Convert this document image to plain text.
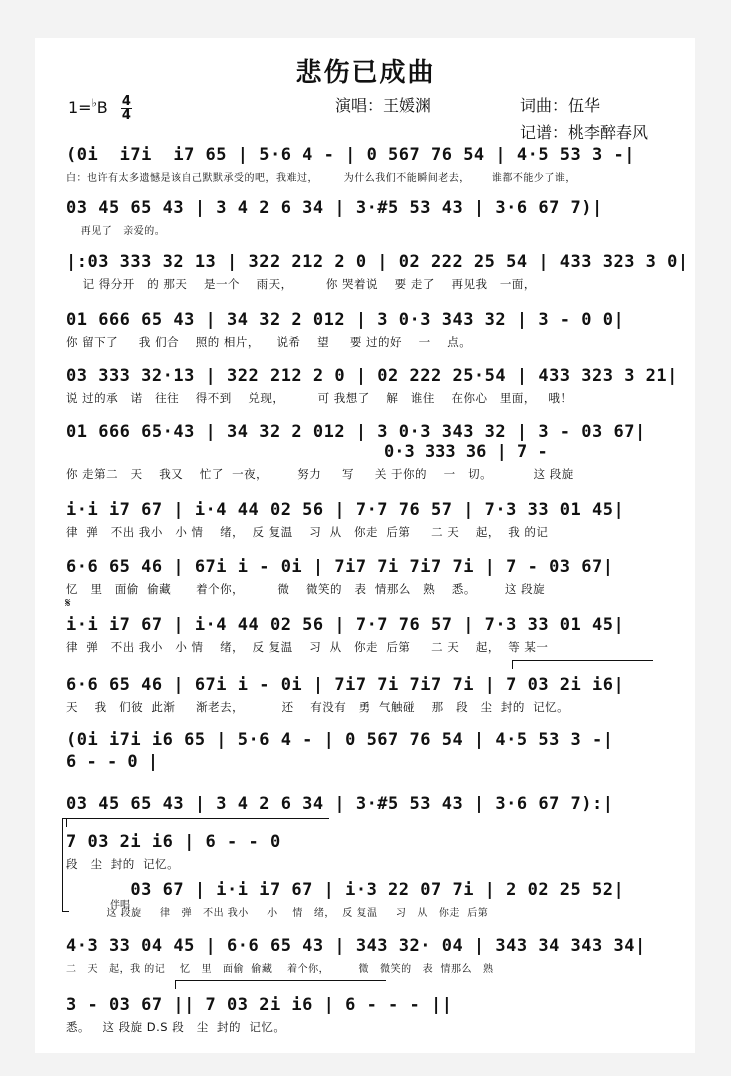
悲伤已成曲
$1=^♭B \frac{4}{4}$	演唱：王媛渊	词曲：伍华
记谱：桃李醉春风
𝄋
伴唱
(0i  i7i  i7 65 | 5·6 4 - | 0 567 76 54 | 4·5 53 3 -|
白：也许有太多遗憾是该自己默默承受的吧，我难过，       为什么我们不能瞬间老去，      谁都不能少了谁，
03 45 65 43 | 3 4 2 6 34 | 3·#5 53 43 | 3·6 67 7)|
再见了   亲爱的。
|:03 333 32 13 | 322 212 2 0 | 02 222 25 54 | 433 323 3 0|
记 得分开   的 那天    是一个    雨天，        你 哭着说    要 走了    再见我   一面，
01 666 65 43 | 34 32 2 012 | 3 0·3 343 32 | 3 - 0 0|
你 留下了     我 们合    照的 相片，    说希    望     要 过的好    一    点。
03 333 32·13 | 322 212 2 0 | 02 222 25·54 | 433 323 3 21|
说 过的承   诺   往往    得不到    兑现，        可 我想了    解   谁住    在你心   里面，   哦！
01 666 65·43 | 34 32 2 012 | 3 0·3 343 32 | 3 - 03 67|
0·3 333 36 | 7 -
你 走第二   天    我又    忙了  一夜，       努力     写     关 于你的    一   切。          这 段旋
i·i i7 67 | i·4 44 02 56 | 7·7 76 57 | 7·3 33 01 45|
律  弹   不出 我小   小 情    绪，  反 复温    习  从   你走  后第     二 天    起，  我 的记
6·6 65 46 | 67i i - 0i | 7i7 7i 7i7 7i | 7 - 03 67|
忆   里   面偷  偷藏      着个你，        微    微笑的   表  情那么   熟    悉。       这 段旋
i·i i7 67 | i·4 44 02 56 | 7·7 76 57 | 7·3 33 01 45|
律  弹   不出 我小   小 情    绪，  反 复温    习  从   你走  后第     二 天    起，  等 某一
6·6 65 46 | 67i i - 0i | 7i7 7i 7i7 7i | 7 03 2i i6|
天    我   们彼  此渐     渐老去，         还    有没有   勇  气触碰    那   段   尘  封的  记忆。
(0i i7i i6 65 | 5·6 4 - | 0 567 76 54 | 4·5 53 3 -|
6 - - 0 |
03 45 65 43 | 3 4 2 6 34 | 3·#5 53 43 | 3·6 67 7):|
7 03 2i i6 | 6 - - 0
段   尘  封的  记忆。
03 67 | i·i i7 67 | i·3 22 07 7i | 2 02 25 52|
这 段旋     律   弹   不出 我小     小    情   绪，  反 复温     习   从   你走  后第
4·3 33 04 45 | 6·6 65 43 | 343 32· 04 | 343 34 343 34|
二   天   起，我 的记    忆   里   面偷  偷藏    着个你，        微   微笑的   表  情那么   熟
3 - 03 67 || 7 03 2i i6 | 6 - - - ||
悉。   这 段旋 D.S 段   尘  封的  记忆。
